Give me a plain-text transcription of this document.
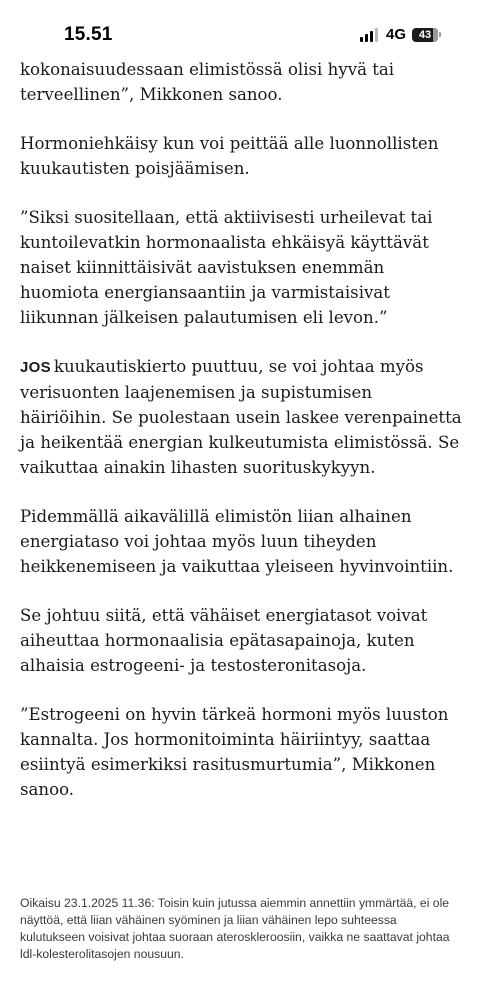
15.51	4G 43

kokonaisuudessaan elimistössä olisi hyvä tai terveellinen”, Mikkonen sanoo.

Hormoniehkäisy kun voi peittää alle luonnollisten kuukautisten poisjäämisen.

”Siksi suositellaan, että aktiivisesti urheilevat tai kuntoilevatkin hormonaalista ehkäisyä käyttävät naiset kiinnittäisivät aavistuksen enemmän huomiota energiansaantiin ja varmistaisivat liikunnan jälkeisen palautumisen eli levon.”

JOS kuukautiskierto puuttuu, se voi johtaa myös verisuonten laajenemisen ja supistumisen häiriöihin. Se puolestaan usein laskee verenpainetta ja heikentää energian kulkeutumista elimistössä. Se vaikuttaa ainakin lihasten suorituskykyyn.

Pidemmällä aikavälillä elimistön liian alhainen energiataso voi johtaa myös luun tiheyden heikkenemiseen ja vaikuttaa yleiseen hyvinvointiin.

Se johtuu siitä, että vähäiset energiatasot voivat aiheuttaa hormonaalisia epätasapainoja, kuten alhaisia estrogeeni- ja testosteronitasoja.

”Estrogeeni on hyvin tärkeä hormoni myös luuston kannalta. Jos hormonitoiminta häiriintyy, saattaa esiintyä esimerkiksi rasitusmurtumia”, Mikkonen sanoo.

Oikaisu 23.1.2025 11.36: Toisin kuin jutussa aiemmin annettiin ymmärtää, ei ole näyttöä, että liian vähäinen syöminen ja liian vähäinen lepo suhteessa kulutukseen voisivat johtaa suoraan ateroskleroosiin, vaikka ne saattavat johtaa ldl-kolesterolitasojen nousuun.
